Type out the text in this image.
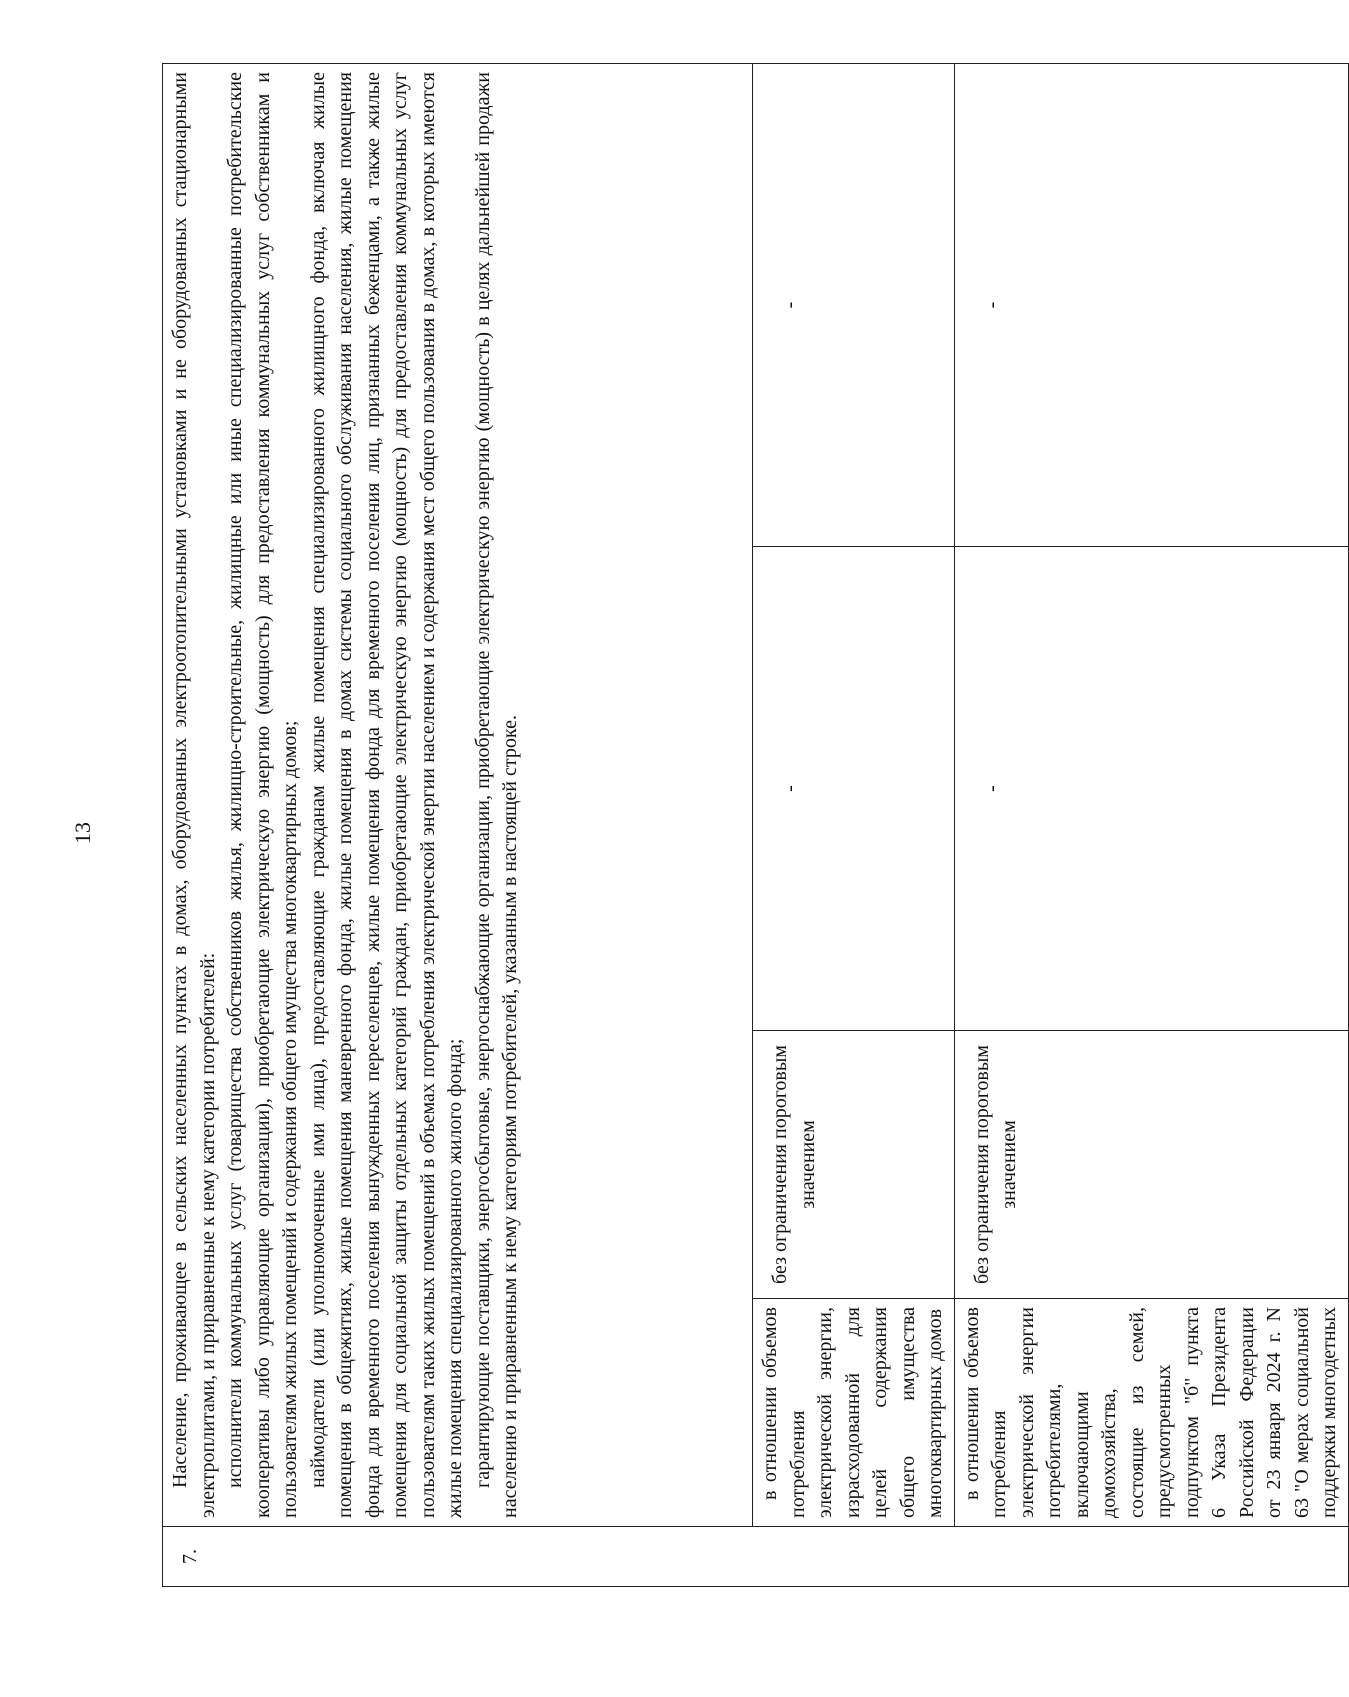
13
7.	Население, проживающее в сельских населенных пунктах в домах, оборудованных электроотопительными установками и не оборудованных стационарными электроплитами, и приравненные к нему категории потребителей: исполнители коммунальных услуг (товарищества собственников жилья, жилищно-строительные, жилищные или иные специализированные потребительские кооперативы либо управляющие организации), приобретающие электрическую энергию (мощность) для предоставления коммунальных услуг собственникам и пользователям жилых помещений и содержания общего имущества многоквартирных домов; наймодатели (или уполномоченные ими лица), предоставляющие гражданам жилые помещения специализированного жилищного фонда, включая жилые помещения в общежитиях, жилые помещения маневренного фонда, жилые помещения в домах системы социального обслуживания населения, жилые помещения фонда для временного поселения вынужденных переселенцев, жилые помещения фонда для временного поселения лиц, признанных беженцами, а также жилые помещения для социальной защиты отдельных категорий граждан, приобретающие электрическую энергию (мощность) для предоставления коммунальных услуг пользователям таких жилых помещений в объемах потребления электрической энергии населением и содержания мест общего пользования в домах, в которых имеются жилые помещения специализированного жилого фонда; гарантирующие поставщики, энергосбытовые, энергоснабжающие организации, приобретающие электрическую энергию (мощность) в целях дальнейшей продажи населению и приравненным к нему категориям потребителей, указанным в настоящей строке.			

	в отношении объемов потребления электрической энергии, израсходованной для целей содержания общего имущества многоквартирных домов	без ограничения пороговым значением	-	-

	в отношении объемов потребления электрической энергии потребителями, включающими домохозяйства, состоящие из семей, предусмотренных подпунктом "б" пункта 6 Указа Президента Российской Федерации от 23 января 2024 г. N 63 "О мерах социальной поддержки многодетных	без ограничения пороговым значением	-	-
